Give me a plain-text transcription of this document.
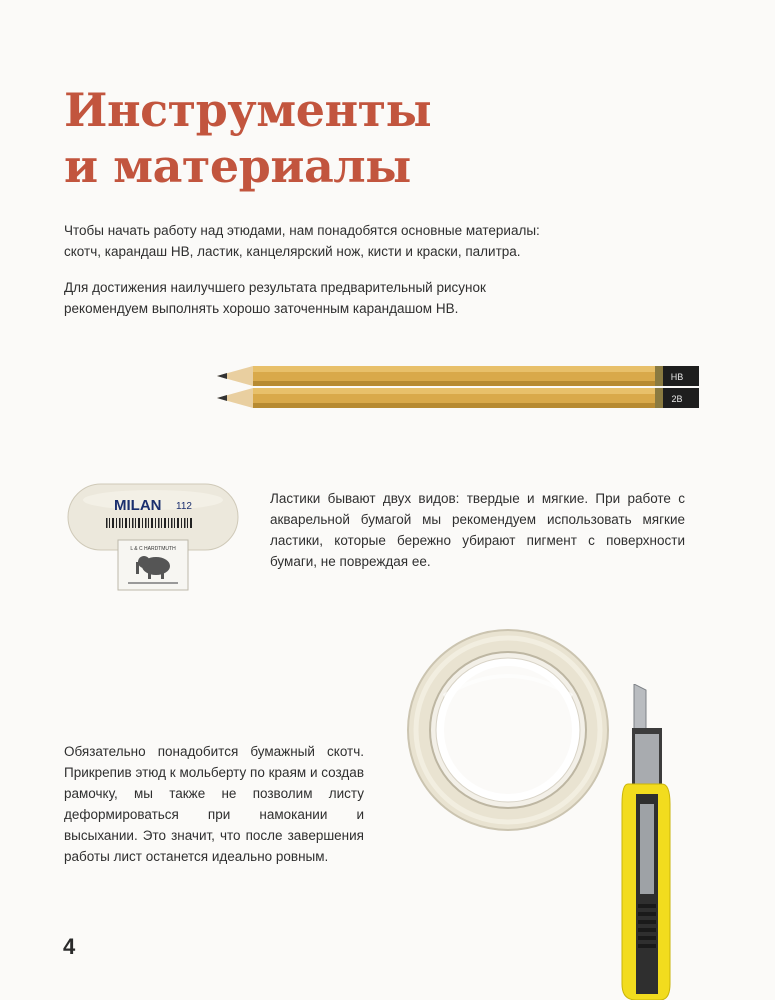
Инструменты
и материалы

Чтобы начать работу над этюдами, нам понадобятся основные материалы: скотч, карандаш HB, ластик, канцелярский нож, кисти и краски, палитра.

Для достижения наилучшего результата предварительный рисунок рекомендуем выполнять хорошо заточенным карандашом HB.

HB
2B
MILAN 112
L & C HARDTMUTH

Ластики бывают двух видов: твердые и мягкие. При работе с акварельной бумагой мы рекомендуем использовать мягкие ластики, которые бережно убирают пигмент с поверхности бумаги, не повреждая ее.

Обязательно понадобится бумажный скотч. Прикрепив этюд к мольберту по краям и создав рамочку, мы также не позволим листу деформироваться при намокании и высыхании. Это значит, что после завершения работы лист останется идеально ровным.

4
